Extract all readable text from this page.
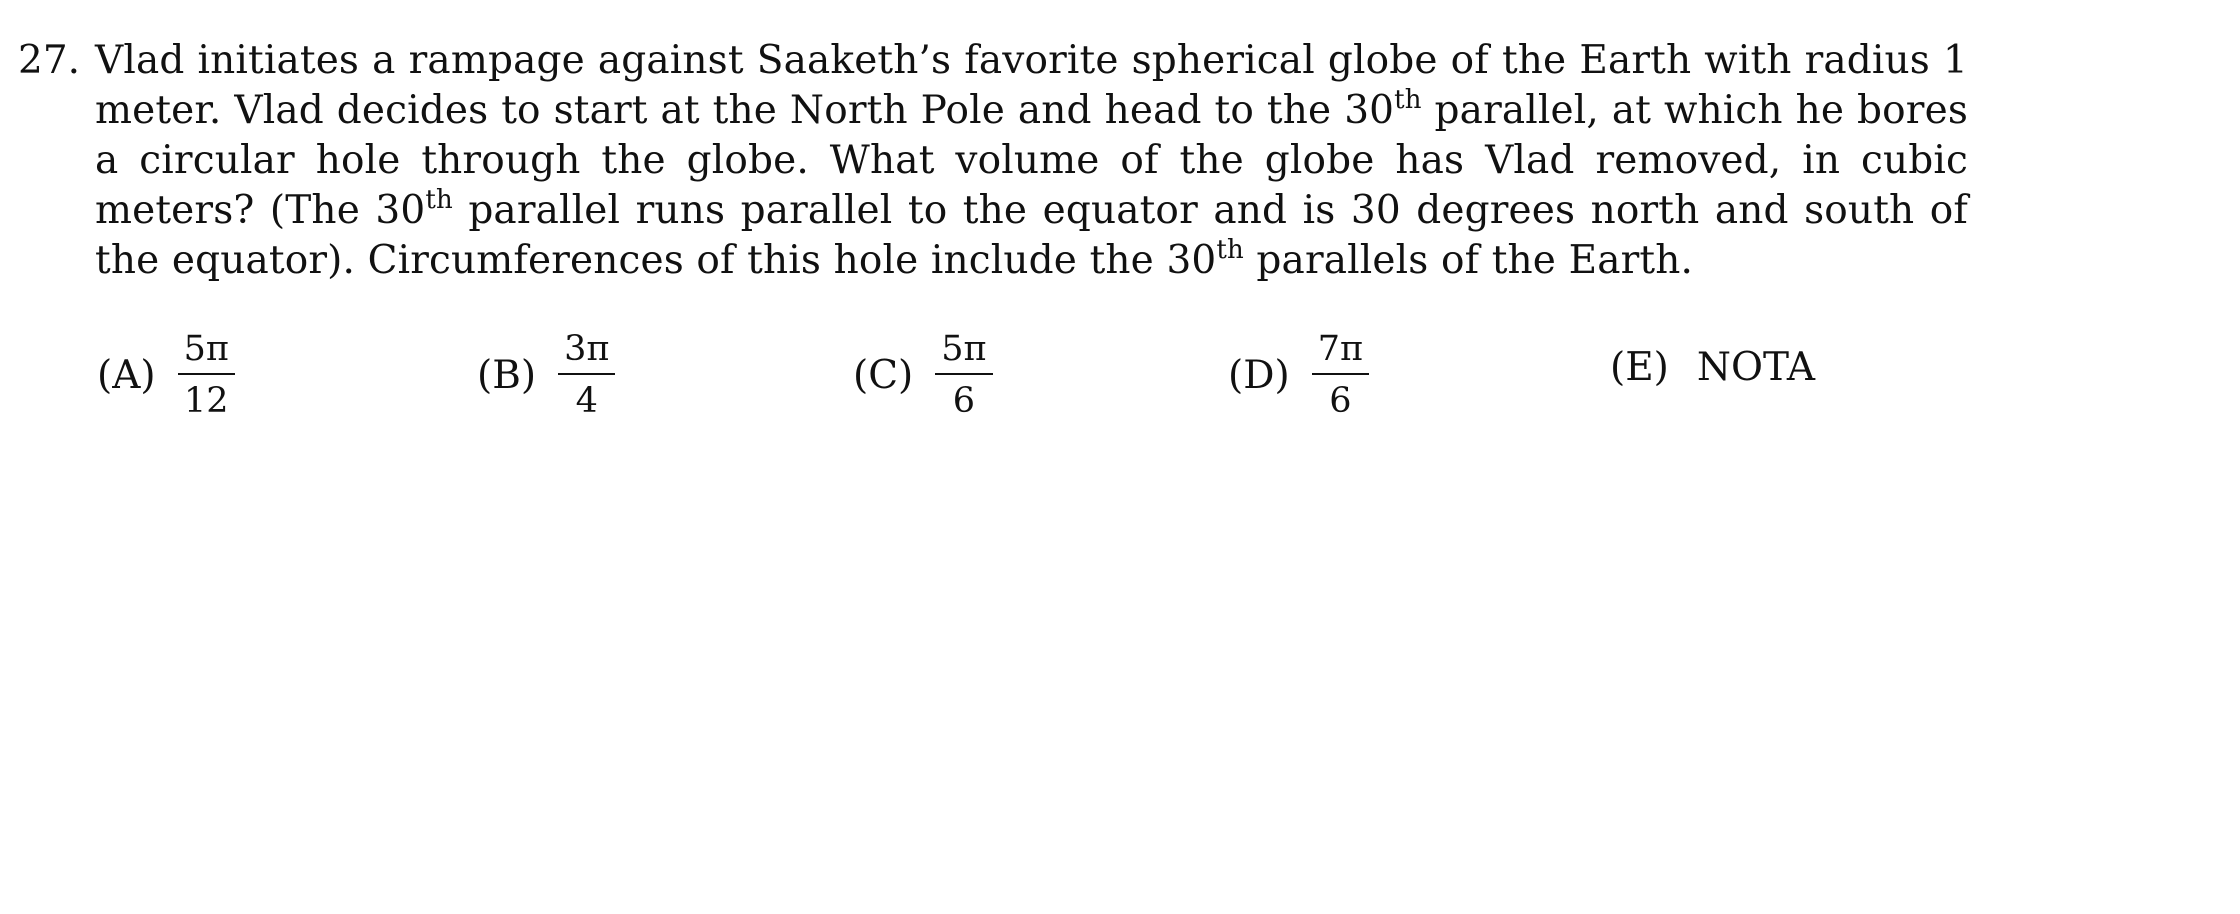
27. Vlad initiates a rampage against Saaketh’s favorite spherical globe of the Earth with radius 1 meter. Vlad decides to start at the North Pole and head to the 30th parallel, at which he bores a circular hole through the globe. What volume of the globe has Vlad removed, in cubic meters? (The 30th parallel runs parallel to the equator and is 30 degrees north and south of the equator). Circumferences of this hole include the 30th parallels of the Earth.
$(A) \frac{5\pi}{12}$	$(B) \frac{3\pi}{4}$	$(C) \frac{5\pi}{6}$	$(D) \frac{7\pi}{6}$	(E) NOTA
